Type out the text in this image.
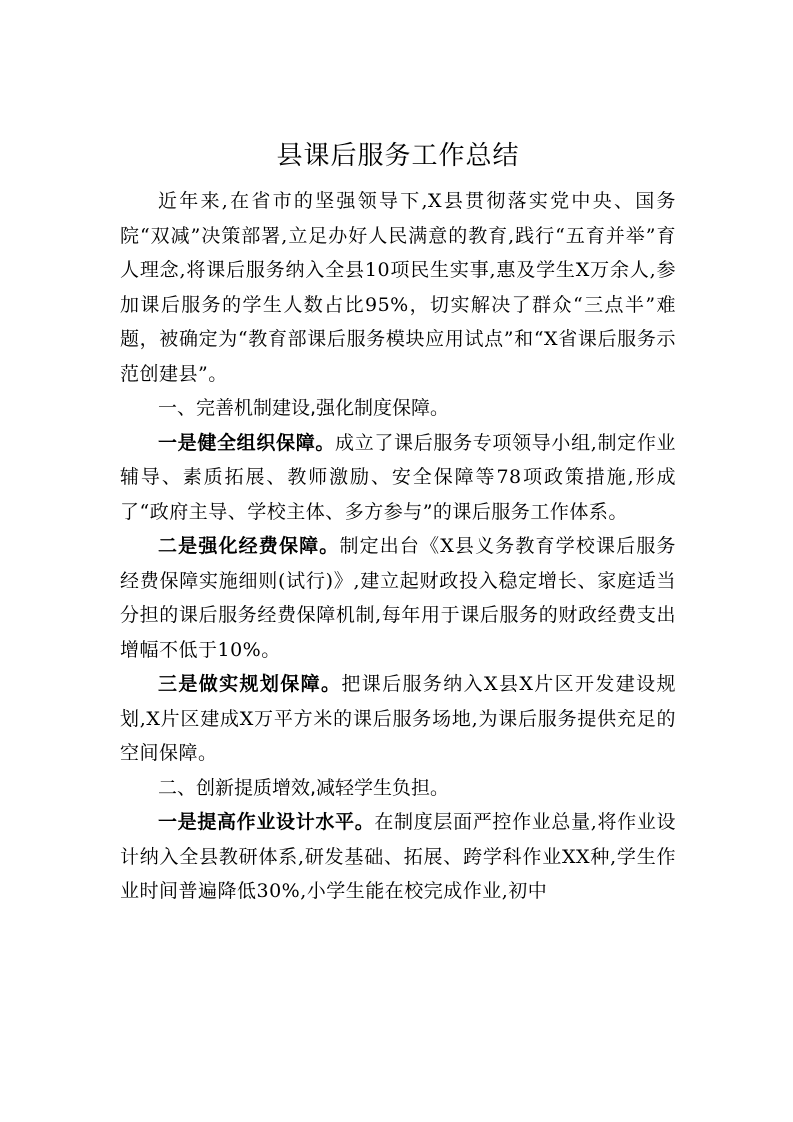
县课后服务工作总结

近年来,在省市的坚强领导下,X县贯彻落实党中央、国务院“双减”决策部署,立足办好人民满意的教育,践行“五育并举”育人理念,将课后服务纳入全县10项民生实事,惠及学生X万余人,参加课后服务的学生人数占比95%，切实解决了群众“三点半”难题，被确定为“教育部课后服务模块应用试点”和“X省课后服务示范创建县”。

一、完善机制建设,强化制度保障。

一是健全组织保障。成立了课后服务专项领导小组,制定作业辅导、素质拓展、教师激励、安全保障等78项政策措施,形成了“政府主导、学校主体、多方参与”的课后服务工作体系。

二是强化经费保障。制定出台《X县义务教育学校课后服务经费保障实施细则(试行)》,建立起财政投入稳定增长、家庭适当分担的课后服务经费保障机制,每年用于课后服务的财政经费支出增幅不低于10%。

三是做实规划保障。把课后服务纳入X县X片区开发建设规划,X片区建成X万平方米的课后服务场地,为课后服务提供充足的空间保障。

二、创新提质增效,减轻学生负担。

一是提高作业设计水平。在制度层面严控作业总量,将作业设计纳入全县教研体系,研发基础、拓展、跨学科作业XX种,学生作业时间普遍降低30%,小学生能在校完成作业,初中
